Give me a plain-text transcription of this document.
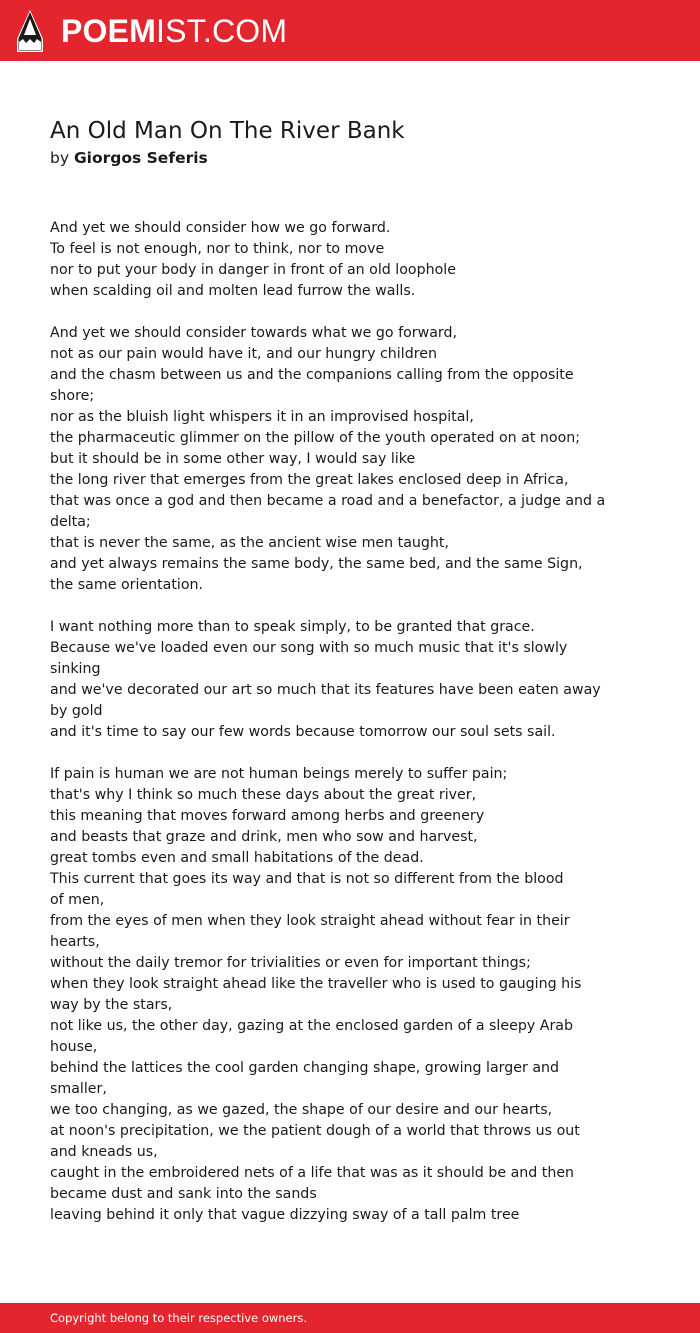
POEM IST.COM
An Old Man On The River Bank
by Giorgos Seferis

And yet we should consider how we go forward.
To feel is not enough, nor to think, nor to move
nor to put your body in danger in front of an old loophole
when scalding oil and molten lead furrow the walls.

And yet we should consider towards what we go forward,
not as our pain would have it, and our hungry children
and the chasm between us and the companions calling from the opposite
shore;
nor as the bluish light whispers it in an improvised hospital,
the pharmaceutic glimmer on the pillow of the youth operated on at noon;
but it should be in some other way, I would say like
the long river that emerges from the great lakes enclosed deep in Africa,
that was once a god and then became a road and a benefactor, a judge and a
delta;
that is never the same, as the ancient wise men taught,
and yet always remains the same body, the same bed, and the same Sign,
the same orientation.

I want nothing more than to speak simply, to be granted that grace.
Because we've loaded even our song with so much music that it's slowly
sinking
and we've decorated our art so much that its features have been eaten away
by gold
and it's time to say our few words because tomorrow our soul sets sail.

If pain is human we are not human beings merely to suffer pain;
that's why I think so much these days about the great river,
this meaning that moves forward among herbs and greenery
and beasts that graze and drink, men who sow and harvest,
great tombs even and small habitations of the dead.
This current that goes its way and that is not so different from the blood
of men,
from the eyes of men when they look straight ahead without fear in their
hearts,
without the daily tremor for trivialities or even for important things;
when they look straight ahead like the traveller who is used to gauging his
way by the stars,
not like us, the other day, gazing at the enclosed garden of a sleepy Arab
house,
behind the lattices the cool garden changing shape, growing larger and
smaller,
we too changing, as we gazed, the shape of our desire and our hearts,
at noon's precipitation, we the patient dough of a world that throws us out
and kneads us,
caught in the embroidered nets of a life that was as it should be and then
became dust and sank into the sands
leaving behind it only that vague dizzying sway of a tall palm tree

Copyright belong to their respective owners.
